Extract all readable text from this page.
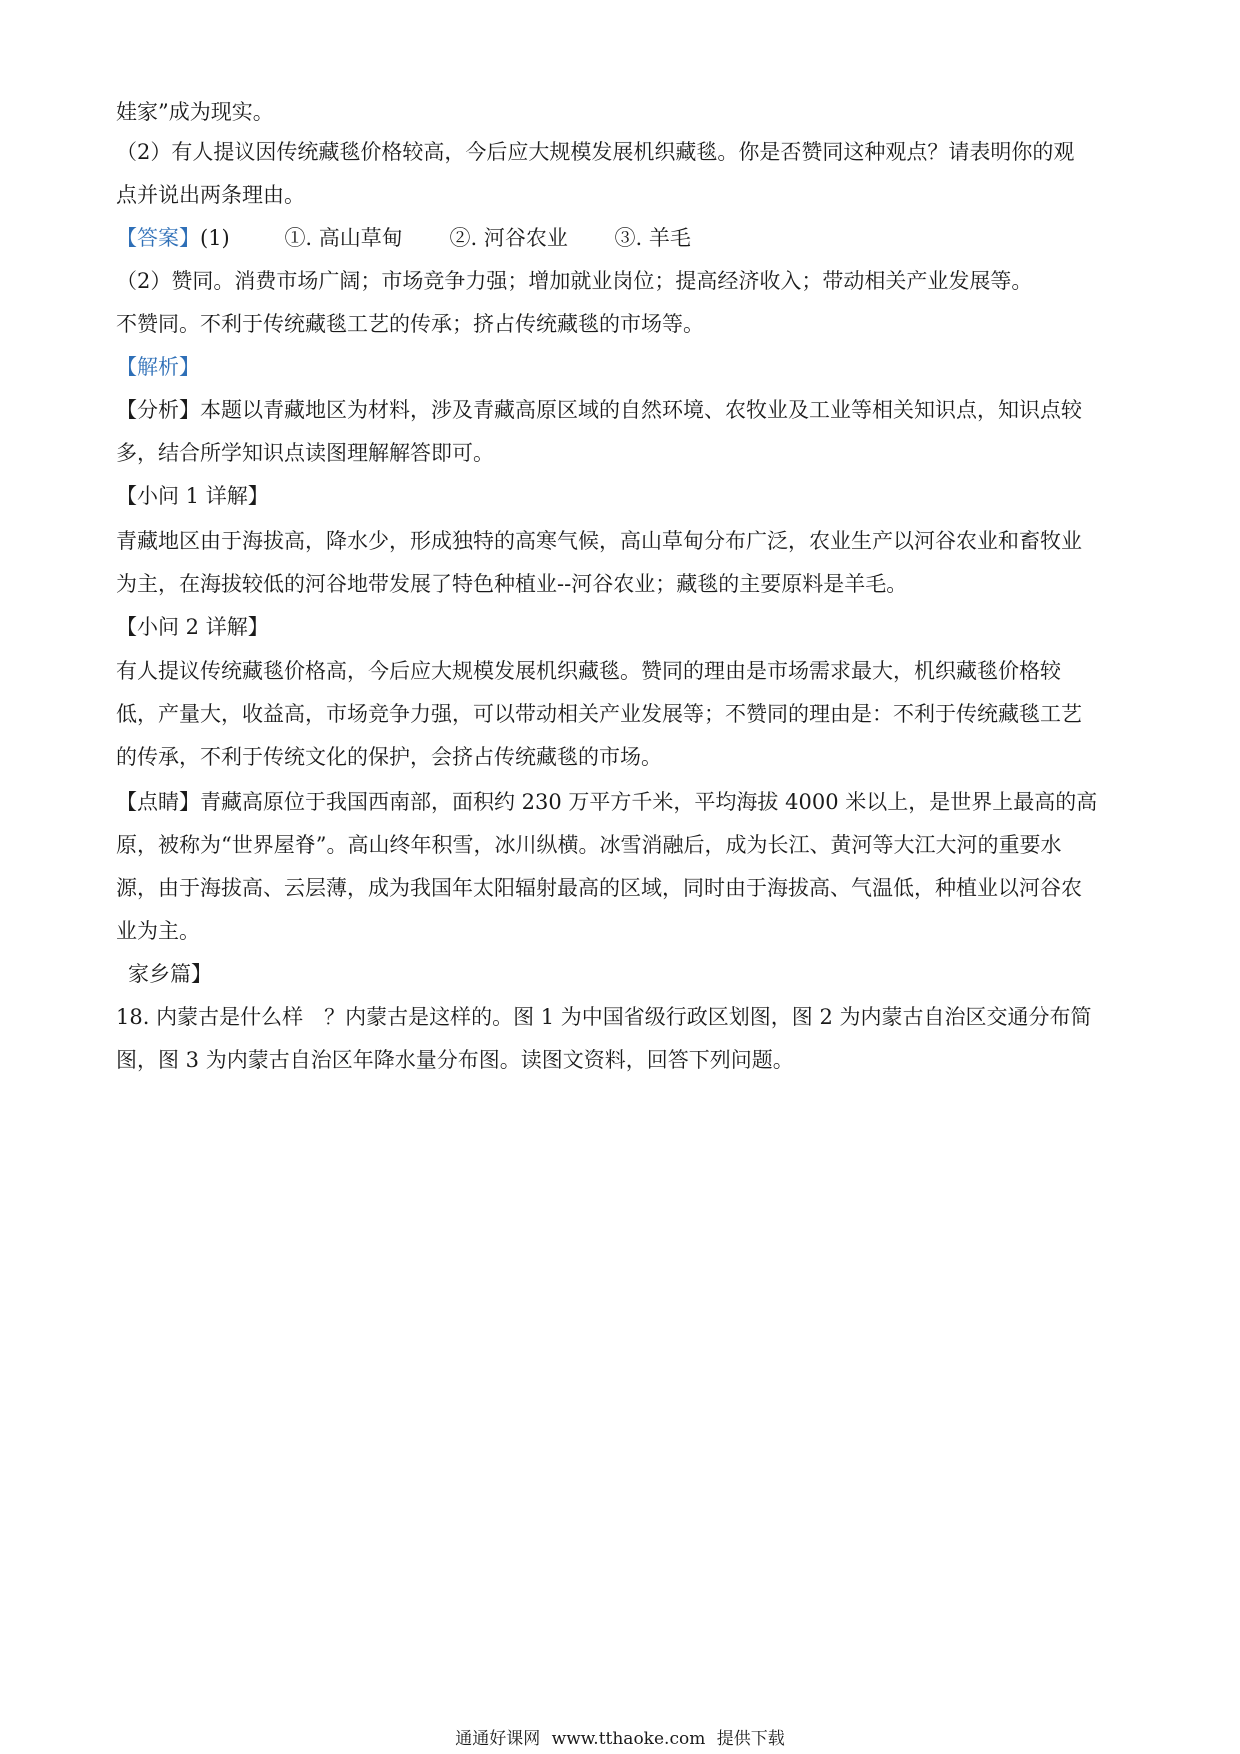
娃家”成为现实。
（2）有人提议因传统藏毯价格较高，今后应大规模发展机织藏毯。你是否赞同这种观点？请表明你的观
点并说出两条理由。
【答案】(1)	①. 高山草甸 ②. 河谷农业 ③. 羊毛
（2）赞同。消费市场广阔；市场竞争力强；增加就业岗位；提高经济收入；带动相关产业发展等。
不赞同。不利于传统藏毯工艺的传承；挤占传统藏毯的市场等。
【解析】
【分析】本题以青藏地区为材料，涉及青藏高原区域的自然环境、农牧业及工业等相关知识点，知识点较
多，结合所学知识点读图理解解答即可。
【小问 1 详解】
青藏地区由于海拔高，降水少，形成独特的高寒气候，高山草甸分布广泛，农业生产以河谷农业和畜牧业
为主，在海拔较低的河谷地带发展了特色种植业--河谷农业；藏毯的主要原料是羊毛。
【小问 2 详解】
有人提议传统藏毯价格高，今后应大规模发展机织藏毯。赞同的理由是市场需求最大，机织藏毯价格较
低，产量大，收益高，市场竞争力强，可以带动相关产业发展等；不赞同的理由是：不利于传统藏毯工艺
的传承，不利于传统文化的保护，会挤占传统藏毯的市场。
【点睛】青藏高原位于我国西南部，面积约 230 万平方千米，平均海拔 4000 米以上，是世界上最高的高
原，被称为“世界屋脊”。高山终年积雪，冰川纵横。冰雪消融后，成为长江、黄河等大江大河的重要水
源，由于海拔高、云层薄，成为我国年太阳辐射最高的区域，同时由于海拔高、气温低，种植业以河谷农
业为主。
家乡篇】
18. 内蒙古是什么样　？内蒙古是这样的。图 1 为中国省级行政区划图，图 2 为内蒙古自治区交通分布简
图，图 3 为内蒙古自治区年降水量分布图。读图文资料，回答下列问题。
通通好课网 www.tthaoke.com 提供下载
